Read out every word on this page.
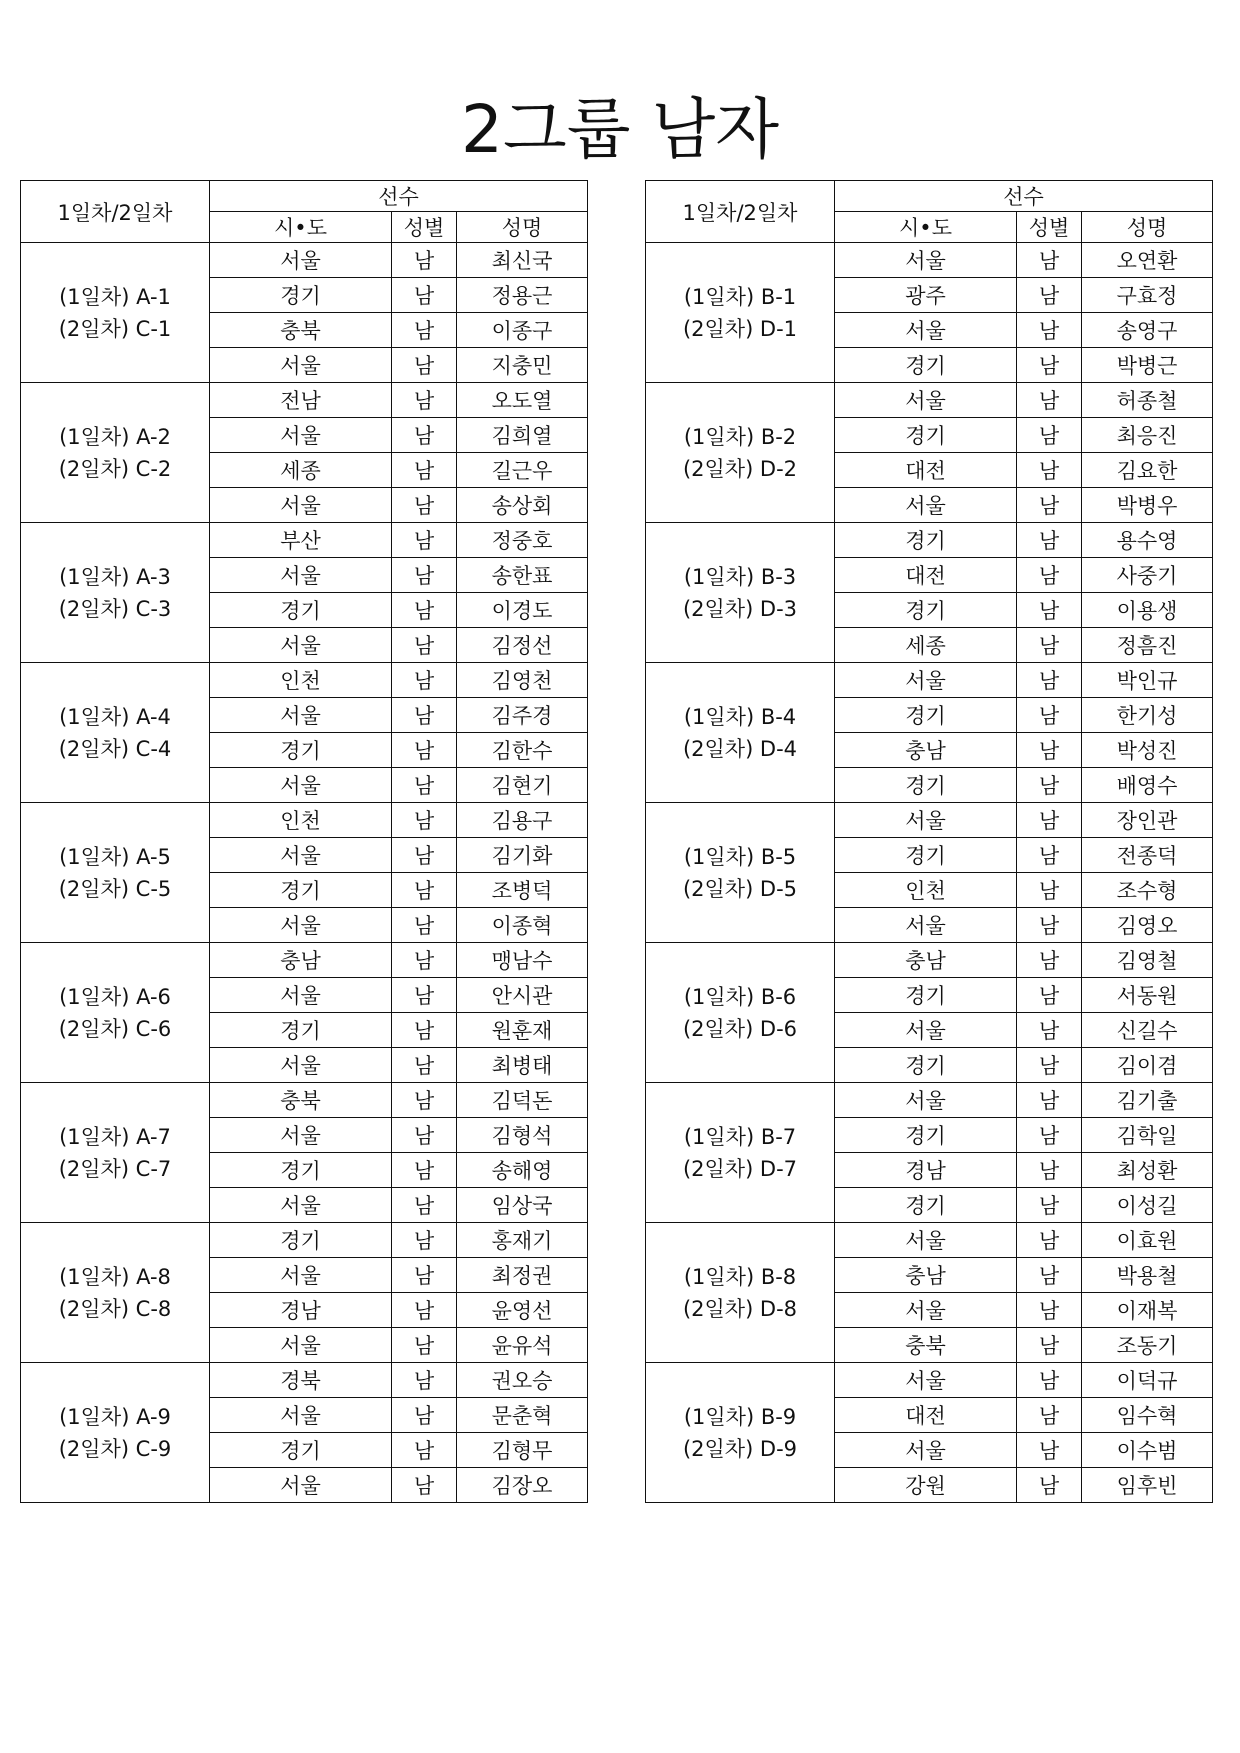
2그룹 남자
1일차/2일차	선수		
	시•도	성별	성명

(1일차) A-1
(2일차) C-1	서울	남	최신국
	경기	남	정용근
	충북	남	이종구
	서울	남	지충민

(1일차) A-2
(2일차) C-2	전남	남	오도열
	서울	남	김희열
	세종	남	길근우
	서울	남	송상회

(1일차) A-3
(2일차) C-3	부산	남	정중호
	서울	남	송한표
	경기	남	이경도
	서울	남	김정선

(1일차) A-4
(2일차) C-4	인천	남	김영천
	서울	남	김주경
	경기	남	김한수
	서울	남	김현기

(1일차) A-5
(2일차) C-5	인천	남	김용구
	서울	남	김기화
	경기	남	조병덕
	서울	남	이종혁

(1일차) A-6
(2일차) C-6	충남	남	맹남수
	서울	남	안시관
	경기	남	원훈재
	서울	남	최병태

(1일차) A-7
(2일차) C-7	충북	남	김덕돈
	서울	남	김형석
	경기	남	송해영
	서울	남	임상국

(1일차) A-8
(2일차) C-8	경기	남	홍재기
	서울	남	최정권
	경남	남	윤영선
	서울	남	윤유석

(1일차) A-9
(2일차) C-9	경북	남	권오승
	서울	남	문춘혁
	경기	남	김형무
	서울	남	김장오
1일차/2일차	선수		
	시•도	성별	성명

(1일차) B-1
(2일차) D-1	서울	남	오연환
	광주	남	구효정
	서울	남	송영구
	경기	남	박병근

(1일차) B-2
(2일차) D-2	서울	남	허종철
	경기	남	최응진
	대전	남	김요한
	서울	남	박병우

(1일차) B-3
(2일차) D-3	경기	남	용수영
	대전	남	사중기
	경기	남	이용생
	세종	남	정흠진

(1일차) B-4
(2일차) D-4	서울	남	박인규
	경기	남	한기성
	충남	남	박성진
	경기	남	배영수

(1일차) B-5
(2일차) D-5	서울	남	장인관
	경기	남	전종덕
	인천	남	조수형
	서울	남	김영오

(1일차) B-6
(2일차) D-6	충남	남	김영철
	경기	남	서동원
	서울	남	신길수
	경기	남	김이겸

(1일차) B-7
(2일차) D-7	서울	남	김기출
	경기	남	김학일
	경남	남	최성환
	경기	남	이성길

(1일차) B-8
(2일차) D-8	서울	남	이효원
	충남	남	박용철
	서울	남	이재복
	충북	남	조동기

(1일차) B-9
(2일차) D-9	서울	남	이덕규
	대전	남	임수혁
	서울	남	이수범
	강원	남	임후빈
